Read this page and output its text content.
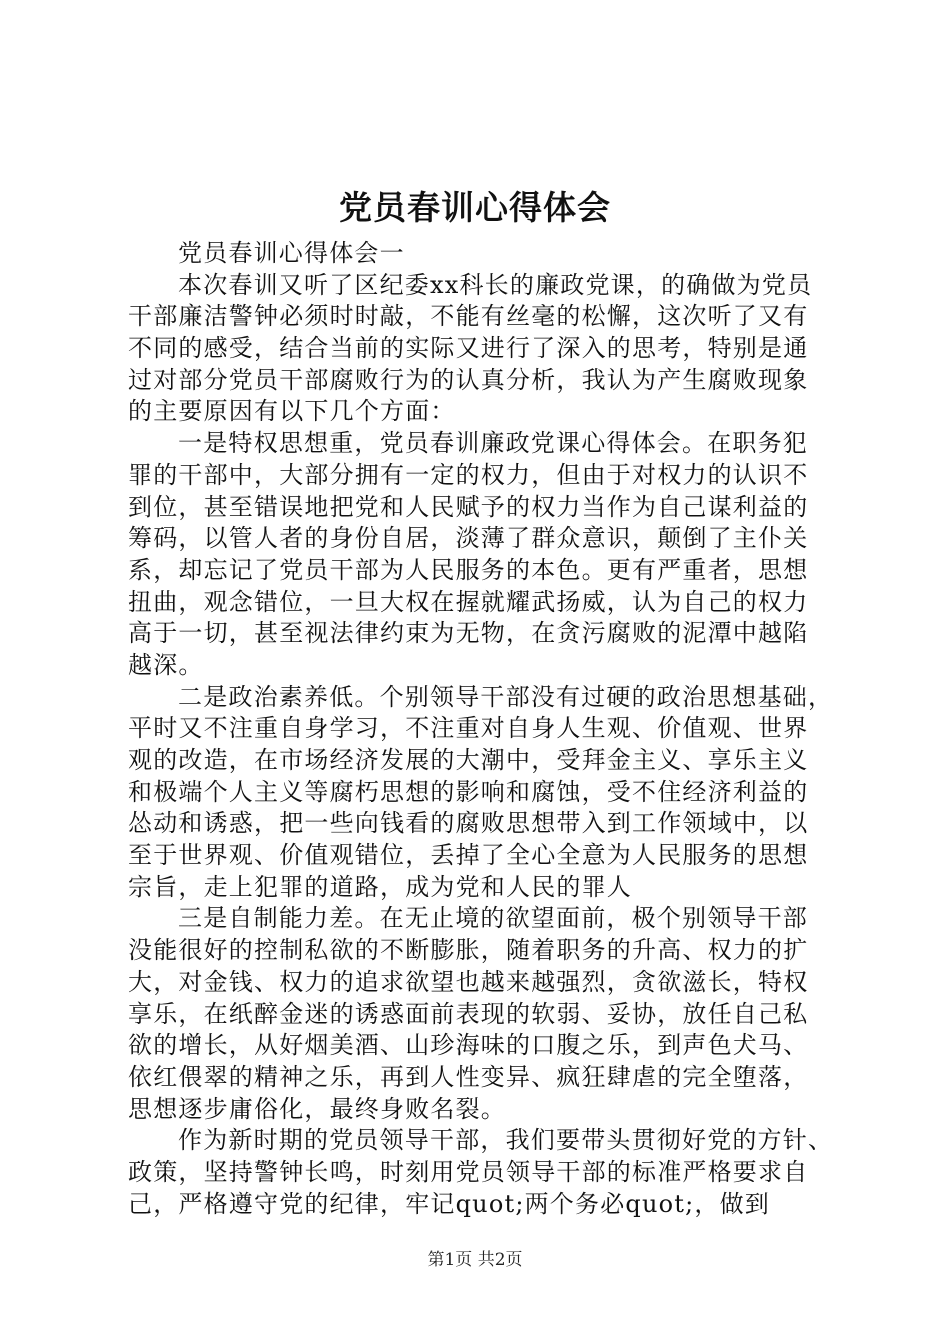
党员春训心得体会
党员春训心得体会一
本次春训又听了区纪委xx科长的廉政党课，的确做为党员
干部廉洁警钟必须时时敲，不能有丝毫的松懈，这次听了又有
不同的感受，结合当前的实际又进行了深入的思考，特别是通
过对部分党员干部腐败行为的认真分析，我认为产生腐败现象
的主要原因有以下几个方面：
一是特权思想重，党员春训廉政党课心得体会。在职务犯
罪的干部中，大部分拥有一定的权力，但由于对权力的认识不
到位，甚至错误地把党和人民赋予的权力当作为自己谋利益的
筹码，以管人者的身份自居，淡薄了群众意识，颠倒了主仆关
系，却忘记了党员干部为人民服务的本色。更有严重者，思想
扭曲，观念错位，一旦大权在握就耀武扬威，认为自己的权力
高于一切，甚至视法律约束为无物，在贪污腐败的泥潭中越陷
越深。
二是政治素养低。个别领导干部没有过硬的政治思想基础，
平时又不注重自身学习，不注重对自身人生观、价值观、世界
观的改造，在市场经济发展的大潮中，受拜金主义、享乐主义
和极端个人主义等腐朽思想的影响和腐蚀，受不住经济利益的
怂动和诱惑，把一些向钱看的腐败思想带入到工作领域中，以
至于世界观、价值观错位，丢掉了全心全意为人民服务的思想
宗旨，走上犯罪的道路，成为党和人民的罪人
三是自制能力差。在无止境的欲望面前，极个别领导干部
没能很好的控制私欲的不断膨胀，随着职务的升高、权力的扩
大，对金钱、权力的追求欲望也越来越强烈，贪欲滋长，特权
享乐，在纸醉金迷的诱惑面前表现的软弱、妥协，放任自己私
欲的增长，从好烟美酒、山珍海味的口腹之乐，到声色犬马、
依红偎翠的精神之乐，再到人性变异、疯狂肆虐的完全堕落，
思想逐步庸俗化，最终身败名裂。
作为新时期的党员领导干部，我们要带头贯彻好党的方针、
政策，坚持警钟长鸣，时刻用党员领导干部的标准严格要求自
己，严格遵守党的纪律，牢记quot;两个务必quot;，做到
第1页 共2页
